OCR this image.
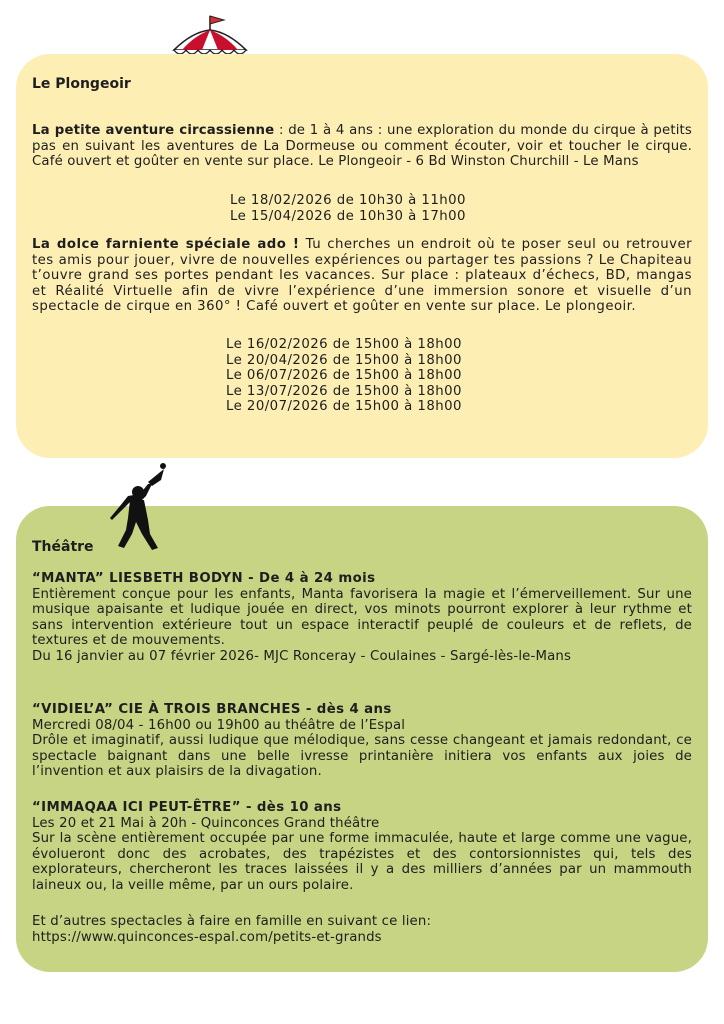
Le Plongeoir
La petite aventure circassienne : de 1 à 4 ans : une exploration du monde du cirque à petits pas en suivant les aventures de La Dormeuse ou comment écouter, voir et toucher le cirque. Café ouvert et goûter en vente sur place. Le Plongeoir - 6 Bd Winston Churchill - Le Mans
Le 18/02/2026 de 10h30 à 11h00
Le 15/04/2026 de 10h30 à 17h00
La dolce farniente spéciale ado ! Tu cherches un endroit où te poser seul ou retrouver tes amis pour jouer, vivre de nouvelles expériences ou partager tes passions ? Le Chapiteau t’ouvre grand ses portes pendant les vacances. Sur place : plateaux d’échecs, BD, mangas et Réalité Virtuelle afin de vivre l’expérience d’une immersion sonore et visuelle d’un spectacle de cirque en 360° ! Café ouvert et goûter en vente sur place. Le plongeoir.
Le 16/02/2026 de 15h00 à 18h00
Le 20/04/2026 de 15h00 à 18h00
Le 06/07/2026 de 15h00 à 18h00
Le 13/07/2026 de 15h00 à 18h00
Le 20/07/2026 de 15h00 à 18h00
Théâtre
“MANTA” LIESBETH BODYN - De 4 à 24 mois
Entièrement conçue pour les enfants, Manta favorisera la magie et l’émerveillement. Sur une musique apaisante et ludique jouée en direct, vos minots pourront explorer à leur rythme et sans intervention extérieure tout un espace interactif peuplé de couleurs et de reflets, de textures et de mouvements.
Du 16 janvier au 07 février 2026- MJC Ronceray - Coulaines - Sargé-lès-le-Mans
“VIDIEL’A” CIE À TROIS BRANCHES - dès 4 ans
Mercredi 08/04 - 16h00 ou 19h00 au théâtre de l’Espal
Drôle et imaginatif, aussi ludique que mélodique, sans cesse changeant et jamais redondant, ce spectacle baignant dans une belle ivresse printanière initiera vos enfants aux joies de l’invention et aux plaisirs de la divagation.
“IMMAQAA ICI PEUT-ÊTRE” - dès 10 ans
Les 20 et 21 Mai à 20h - Quinconces Grand théâtre
Sur la scène entièrement occupée par une forme immaculée, haute et large comme une vague, évolueront donc des acrobates, des trapézistes et des contorsionnistes qui, tels des explorateurs, chercheront les traces laissées il y a des milliers d’années par un mammouth laineux ou, la veille même, par un ours polaire.
Et d’autres spectacles à faire en famille en suivant ce lien:
https://www.quinconces-espal.com/petits-et-grands
